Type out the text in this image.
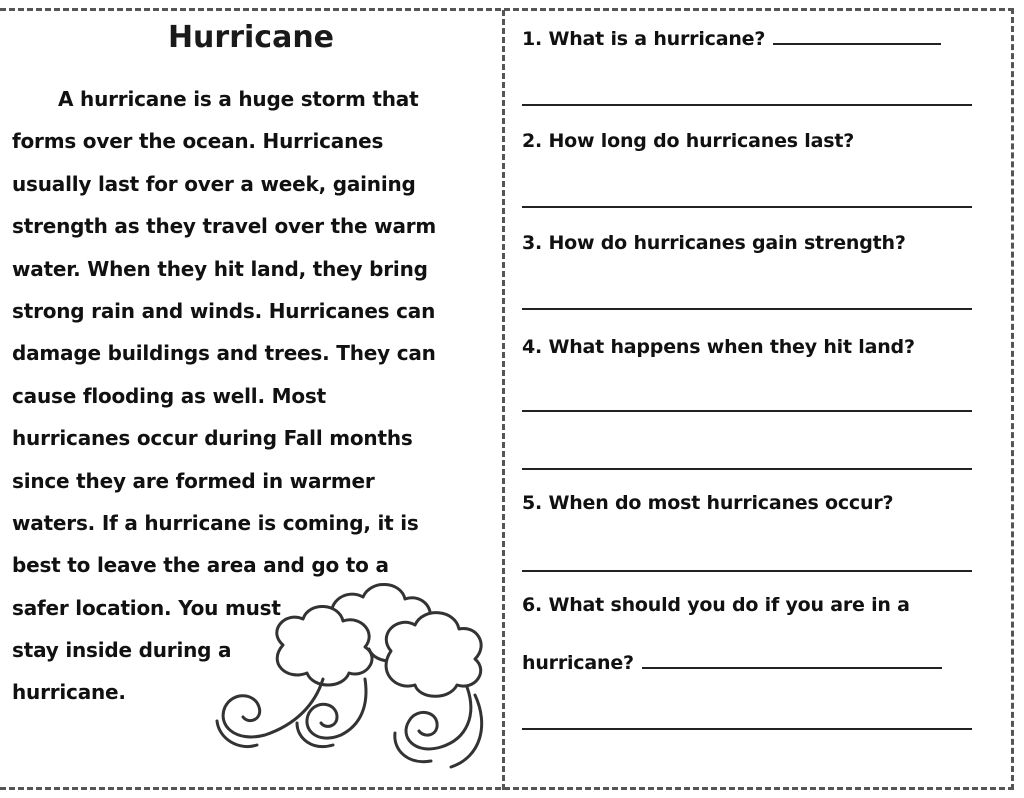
Hurricane
A hurricane is a huge storm that
forms over the ocean. Hurricanes
usually last for over a week, gaining
strength as they travel over the warm
water. When they hit land, they bring
strong rain and winds. Hurricanes can
damage buildings and trees. They can
cause flooding as well. Most
hurricanes occur during Fall months
since they are formed in warmer
waters. If a hurricane is coming, it is
best to leave the area and go to a
safer location. You must
stay inside during a
hurricane.
1. What is a hurricane?
2. How long do hurricanes last?
3. How do hurricanes gain strength?
4. What happens when they hit land?
5. When do most hurricanes occur?
6. What should you do if you are in a
hurricane?
